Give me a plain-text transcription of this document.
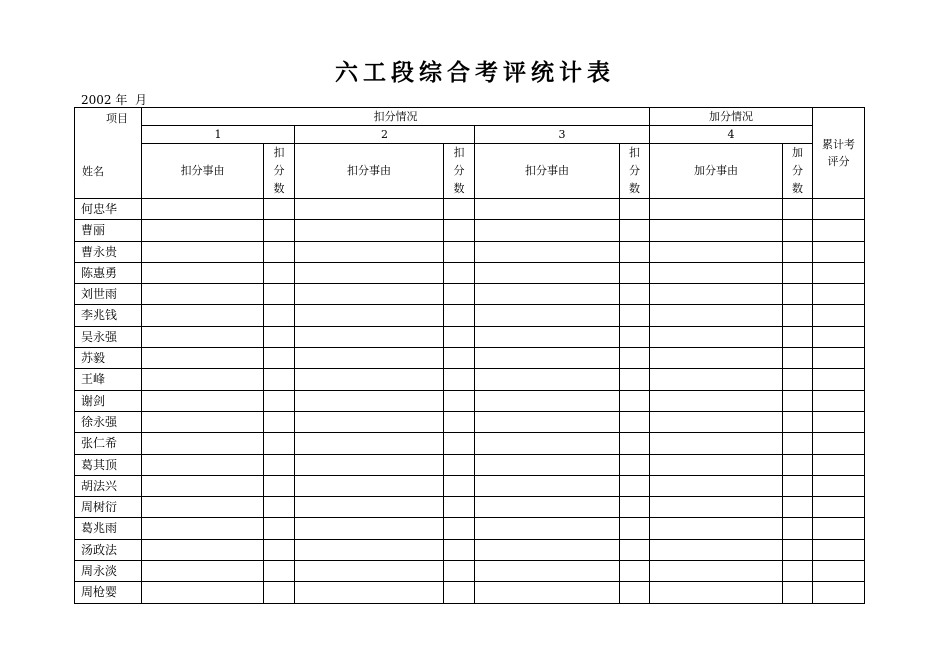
六工段综合考评统计表
2002 年  月
项目
姓名	扣分情况						加分情况		累计考评分

	1		2		3		4		
	扣分事由	扣分数	扣分事由	扣分数	扣分事由	扣分数	加分事由	加分数	
何忠华									
曹丽									
曹永贵									
陈惠勇									
刘世雨									
李兆钱									
吴永强									
苏毅									
王峰									
谢剑									
徐永强									
张仁希									
葛其顶									
胡法兴									
周树衍									
葛兆雨									
汤政法									
周永淡									
周枪婴									
